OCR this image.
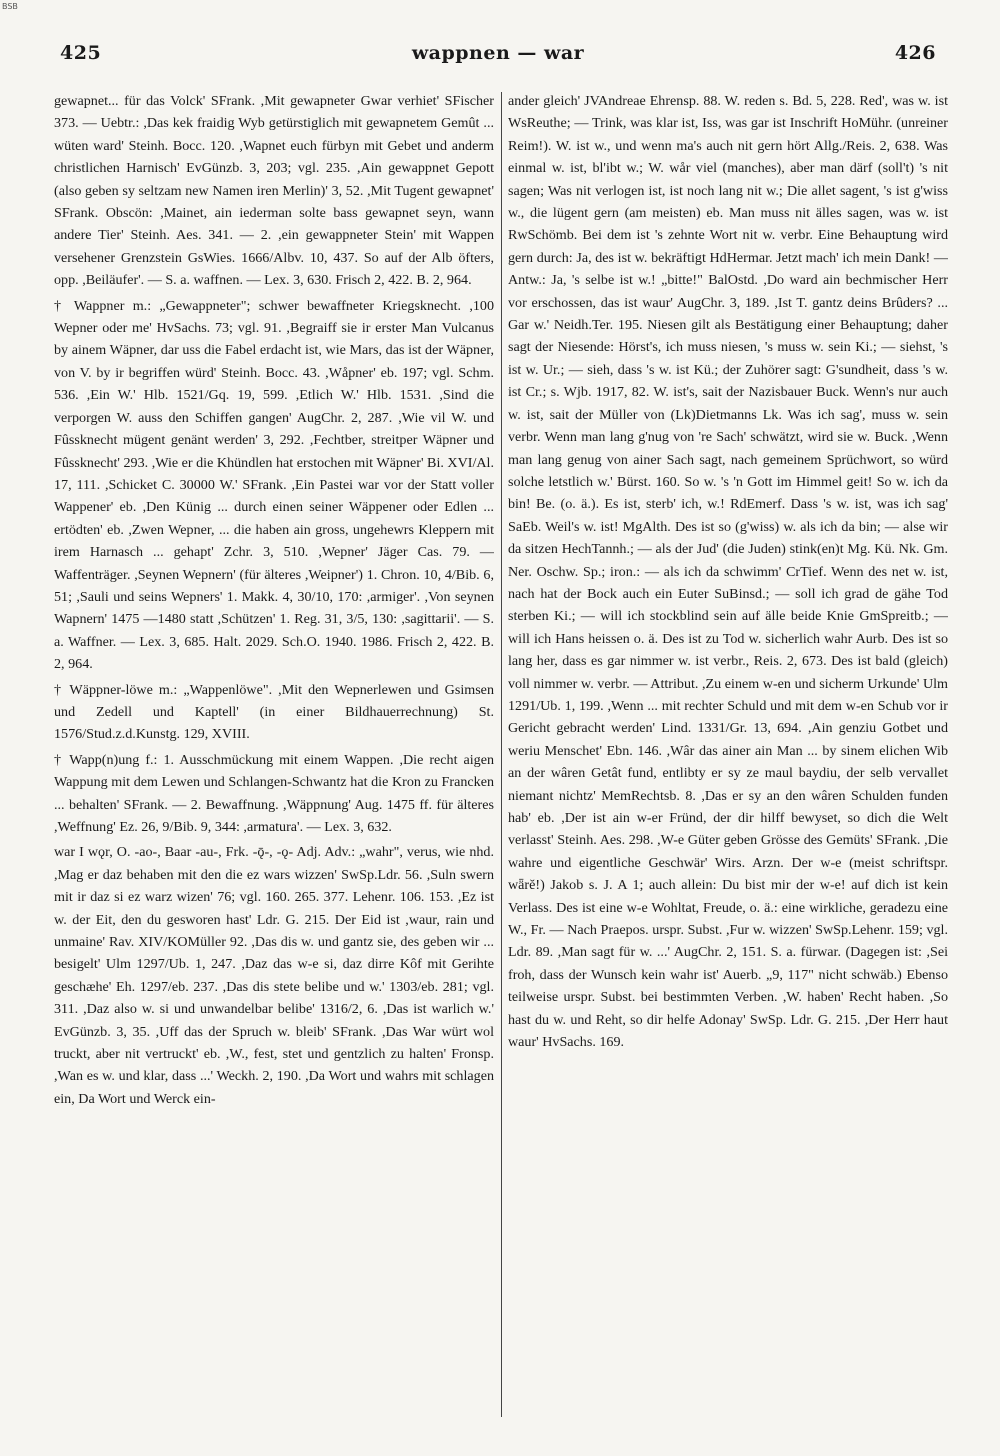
BSB
425	wappnen — war	426

gewapnet... für das Volck' SFrank. ,Mit gewapneter Gwar verhiet' SFischer 373. — Uebtr.: ,Das kek fraidig Wyb getürstiglich mit gewapnetem Gemût ... wüten ward' Steinh. Bocc. 120. ,Wapnet euch fürbyn mit Gebet und anderm christlichen Harnisch' EvGünzb. 3, 203; vgl. 235. ,Ain gewappnet Gepott (also geben sy seltzam new Namen iren Merlin)' 3, 52. ,Mit Tugent gewapnet' SFrank. Obscön: ,Mainet, ain iederman solte bass gewapnet seyn, wann andere Tier' Steinh. Aes. 341. — 2. ,ein gewappneter Stein' mit Wappen versehener Grenzstein GsWies. 1666/Albv. 10, 437. So auf der Alb öfters, opp. ,Beiläufer'. — S. a. waffnen. — Lex. 3, 630. Frisch 2, 422. B. 2, 964.

† Wappner m.: „Gewappneter"; schwer bewaffneter Kriegsknecht. ,100 Wepner oder me' HvSachs. 73; vgl. 91. ,Begraiff sie ir erster Man Vulcanus by ainem Wäpner, dar uss die Fabel erdacht ist, wie Mars, das ist der Wäpner, von V. by ir begriffen würd' Steinh. Bocc. 43. ,Wåpner' eb. 197; vgl. Schm. 536. ,Ein W.' Hlb. 1521/Gq. 19, 599. ,Etlich W.' Hlb. 1531. ,Sind die verporgen W. auss den Schiffen gangen' AugChr. 2, 287. ,Wie vil W. und Fûssknecht mügent genänt werden' 3, 292. ,Fechtber, streitper Wäpner und Fûssknecht' 293. ,Wie er die Khündlen hat erstochen mit Wäpner' Bi. XVI/Al. 17, 111. ,Schicket C. 30000 W.' SFrank. ,Ein Pastei war vor der Statt voller Wappener' eb. ,Den Künig ... durch einen seiner Wäppener oder Edlen ... ertödten' eb. ,Zwen Wepner, ... die haben ain gross, ungehewrs Kleppern mit irem Harnasch ... gehapt' Zchr. 3, 510. ,Wepner' Jäger Cas. 79. — Waffenträger. ,Seynen Wepnern' (für älteres ,Weipner') 1. Chron. 10, 4/Bib. 6, 51; ,Sauli und seins Wepners' 1. Makk. 4, 30/10, 170: ,armiger'. ,Von seynen Wapnern' 1475 —1480 statt ,Schützen' 1. Reg. 31, 3/5, 130: ,sagittarii'. — S. a. Waffner. — Lex. 3, 685. Halt. 2029. Sch.O. 1940. 1986. Frisch 2, 422. B. 2, 964.

† Wäppner-löwe m.: „Wappenlöwe". ,Mit den Wepnerlewen und Gsimsen und Zedell und Kaptell' (in einer Bildhauerrechnung) St. 1576/Stud.z.d.Kunstg. 129, XVIII.

† Wapp(n)ung f.: 1. Ausschmückung mit einem Wappen. ,Die recht aigen Wappung mit dem Lewen und Schlangen-Schwantz hat die Kron zu Francken ... behalten' SFrank. — 2. Bewaffnung. ,Wäppnung' Aug. 1475 ff. für älteres ,Weffnung' Ez. 26, 9/Bib. 9, 344: ,armatura'. — Lex. 3, 632.

war I wǫr, O. -ao-, Baar -au-, Frk. -ǭ-, -ǫ- Adj. Adv.: „wahr", verus, wie nhd. ,Mag er daz behaben mit den die ez wars wizzen' SwSp.Ldr. 56. ,Suln swern mit ir daz si ez warz wizen' 76; vgl. 160. 265. 377. Lehenr. 106. 153. ,Ez ist w. der Eit, den du gesworen hast' Ldr. G. 215. Der Eid ist ,waur, rain und unmaine' Rav. XIV/KOMüller 92. ,Das dis w. und gantz sie, des geben wir ... besigelt' Ulm 1297/Ub. 1, 247. ,Daz das w-e si, daz dirre Kôf mit Gerihte geschæhe' Eh. 1297/eb. 237. ,Das dis stete belibe und w.' 1303/eb. 281; vgl. 311. ,Daz also w. si und unwandelbar belibe' 1316/2, 6. ,Das ist warlich w.' EvGünzb. 3, 35. ,Uff das der Spruch w. bleib' SFrank. ,Das War würt wol truckt, aber nit vertruckt' eb. ,W., fest, stet und gentzlich zu halten' Fronsp. ,Wan es w. und klar, dass ...' Weckh. 2, 190. ,Da Wort und wahrs mit schlagen ein, Da Wort und Werck ein-

ander gleich' JVAndreae Ehrensp. 88. W. reden s. Bd. 5, 228. Red', was w. ist WsReuthe; — Trink, was klar ist, Iss, was gar ist Inschrift HoMühr. (unreiner Reim!). W. ist w., und wenn ma's auch nit gern hört Allg./Reis. 2, 638. Was einmal w. ist, bl'ibt w.; W. wår viel (manches), aber man därf (soll't) 's nit sagen; Was nit verlogen ist, ist noch lang nit w.; Die allet sagent, 's ist g'wiss w., die lügent gern (am meisten) eb. Man muss nit älles sagen, was w. ist RwSchömb. Bei dem ist 's zehnte Wort nit w. verbr. Eine Behauptung wird gern durch: Ja, des ist w. bekräftigt HdHermar. Jetzt mach' ich mein Dank! — Antw.: Ja, 's selbe ist w.! „bitte!" BalOstd. ,Do ward ain bechmischer Herr vor erschossen, das ist waur' AugChr. 3, 189. ,Ist T. gantz deins Brûders? ... Gar w.' Neidh.Ter. 195. Niesen gilt als Bestätigung einer Behauptung; daher sagt der Niesende: Hörst's, ich muss niesen, 's muss w. sein Ki.; — siehst, 's ist w. Ur.; — sieh, dass 's w. ist Kü.; der Zuhörer sagt: G'sundheit, dass 's w. ist Cr.; s. Wjb. 1917, 82. W. ist's, sait der Nazisbauer Buck. Wenn's nur auch w. ist, sait der Müller von (Lk)Dietmanns Lk. Was ich sag', muss w. sein verbr. Wenn man lang g'nug von 're Sach' schwätzt, wird sie w. Buck. ,Wenn man lang genug von ainer Sach sagt, nach gemeinem Sprüchwort, so würd solche letstlich w.' Bürst. 160. So w. 's 'n Gott im Himmel geit! So w. ich da bin! Be. (o. ä.). Es ist, sterb' ich, w.! RdEmerf. Dass 's w. ist, was ich sag' SaEb. Weil's w. ist! MgAlth. Des ist so (g'wiss) w. als ich da bin; — alse wir da sitzen HechTannh.; — als der Jud' (die Juden) stink(en)t Mg. Kü. Nk. Gm. Ner. Oschw. Sp.; iron.: — als ich da schwimm' CrTief. Wenn des net w. ist, nach hat der Bock auch ein Euter SuBinsd.; — soll ich grad de gähe Tod sterben Ki.; — will ich stockblind sein auf älle beide Knie GmSpreitb.; — will ich Hans heissen o. ä. Des ist zu Tod w. sicherlich wahr Aurb. Des ist so lang her, dass es gar nimmer w. ist verbr., Reis. 2, 673. Des ist bald (gleich) voll nimmer w. verbr. — Attribut. ,Zu einem w-en und sicherm Urkunde' Ulm 1291/Ub. 1, 199. ,Wenn ... mit rechter Schuld und mit dem w-en Schub vor ir Gericht gebracht werden' Lind. 1331/Gr. 13, 694. ,Ain genziu Gotbet und weriu Menschet' Ebn. 146. ,Wâr das ainer ain Man ... by sinem elichen Wib an der wâren Getât fund, entlibty er sy ze maul baydiu, der selb vervallet niemant nichtz' MemRechtsb. 8. ,Das er sy an den wâren Schulden funden hab' eb. ,Der ist ain w-er Fründ, der dir hilff bewyset, so dich die Welt verlasst' Steinh. Aes. 298. ,W-e Güter geben Grösse des Gemüts' SFrank. ,Die wahre und eigentliche Geschwär' Wirs. Arzn. Der w-e (meist schriftspr. wǟrĕ!) Jakob s. J. A 1; auch allein: Du bist mir der w-e! auf dich ist kein Verlass. Des ist eine w-e Wohltat, Freude, o. ä.: eine wirkliche, geradezu eine W., Fr. — Nach Praepos. urspr. Subst. ,Fur w. wizzen' SwSp.Lehenr. 159; vgl. Ldr. 89. ,Man sagt für w. ...' AugChr. 2, 151. S. a. fürwar. (Dagegen ist: ,Sei froh, dass der Wunsch kein wahr ist' Auerb. „9, 117" nicht schwäb.) Ebenso teilweise urspr. Subst. bei bestimmten Verben. ,W. haben' Recht haben. ,So hast du w. und Reht, so dir helfe Adonay' SwSp. Ldr. G. 215. ,Der Herr haut waur' HvSachs. 169.
